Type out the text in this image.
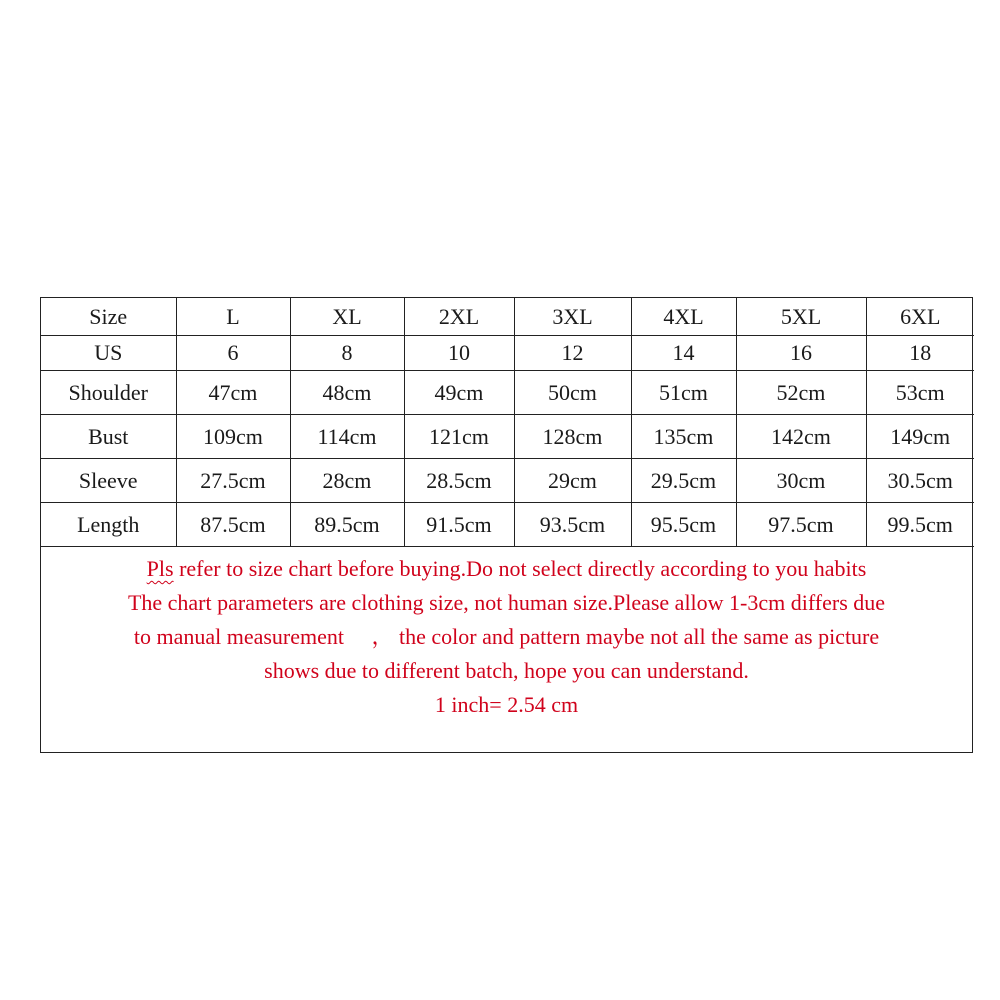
Size	L	XL	2XL	3XL	4XL	5XL	6XL
US	6	8	10	12	14	16	18
Shoulder	47cm	48cm	49cm	50cm	51cm	52cm	53cm
Bust	109cm	114cm	121cm	128cm	135cm	142cm	149cm
Sleeve	27.5cm	28cm	28.5cm	29cm	29.5cm	30cm	30.5cm
Length	87.5cm	89.5cm	91.5cm	93.5cm	95.5cm	97.5cm	99.5cm
Pls refer to size chart before buying.Do not select directly according to you habits
The chart parameters are clothing size, not human size.Please allow 1-3cm differs due
to manual measurement 　， the color and pattern maybe not all the same as picture
shows due to different batch, hope you can understand.
1 inch= 2.54 cm
